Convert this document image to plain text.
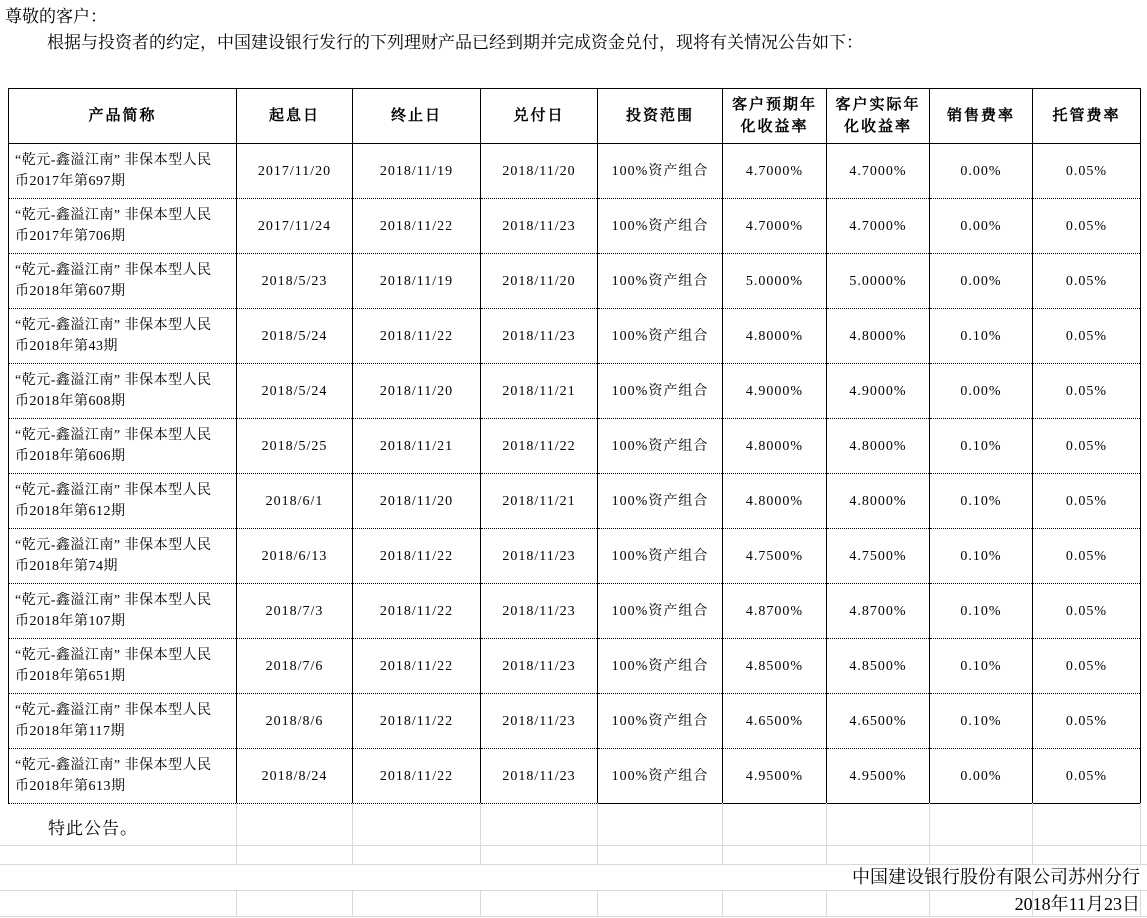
尊敬的客户：
根据与投资者的约定，中国建设银行发行的下列理财产品已经到期并完成资金兑付，现将有关情况公告如下：
产品简称	起息日	终止日	兑付日	投资范围	客户预期年化收益率	客户实际年化收益率	销售费率	托管费率
“乾元-鑫溢江南” 非保本型人民币2017年第697期	2017/11/20	2018/11/19	2018/11/20	100%资产组合	4.7000%	4.7000%	0.00%	0.05%
“乾元-鑫溢江南” 非保本型人民币2017年第706期	2017/11/24	2018/11/22	2018/11/23	100%资产组合	4.7000%	4.7000%	0.00%	0.05%
“乾元-鑫溢江南” 非保本型人民币2018年第607期	2018/5/23	2018/11/19	2018/11/20	100%资产组合	5.0000%	5.0000%	0.00%	0.05%
“乾元-鑫溢江南” 非保本型人民币2018年第43期	2018/5/24	2018/11/22	2018/11/23	100%资产组合	4.8000%	4.8000%	0.10%	0.05%
“乾元-鑫溢江南” 非保本型人民币2018年第608期	2018/5/24	2018/11/20	2018/11/21	100%资产组合	4.9000%	4.9000%	0.00%	0.05%
“乾元-鑫溢江南” 非保本型人民币2018年第606期	2018/5/25	2018/11/21	2018/11/22	100%资产组合	4.8000%	4.8000%	0.10%	0.05%
“乾元-鑫溢江南” 非保本型人民币2018年第612期	2018/6/1	2018/11/20	2018/11/21	100%资产组合	4.8000%	4.8000%	0.10%	0.05%
“乾元-鑫溢江南” 非保本型人民币2018年第74期	2018/6/13	2018/11/22	2018/11/23	100%资产组合	4.7500%	4.7500%	0.10%	0.05%
“乾元-鑫溢江南” 非保本型人民币2018年第107期	2018/7/3	2018/11/22	2018/11/23	100%资产组合	4.8700%	4.8700%	0.10%	0.05%
“乾元-鑫溢江南” 非保本型人民币2018年第651期	2018/7/6	2018/11/22	2018/11/23	100%资产组合	4.8500%	4.8500%	0.10%	0.05%
“乾元-鑫溢江南” 非保本型人民币2018年第117期	2018/8/6	2018/11/22	2018/11/23	100%资产组合	4.6500%	4.6500%	0.10%	0.05%
“乾元-鑫溢江南” 非保本型人民币2018年第613期	2018/8/24	2018/11/22	2018/11/23	100%资产组合	4.9500%	4.9500%	0.00%	0.05%
特此公告。
中国建设银行股份有限公司苏州分行
2018年11月23日
